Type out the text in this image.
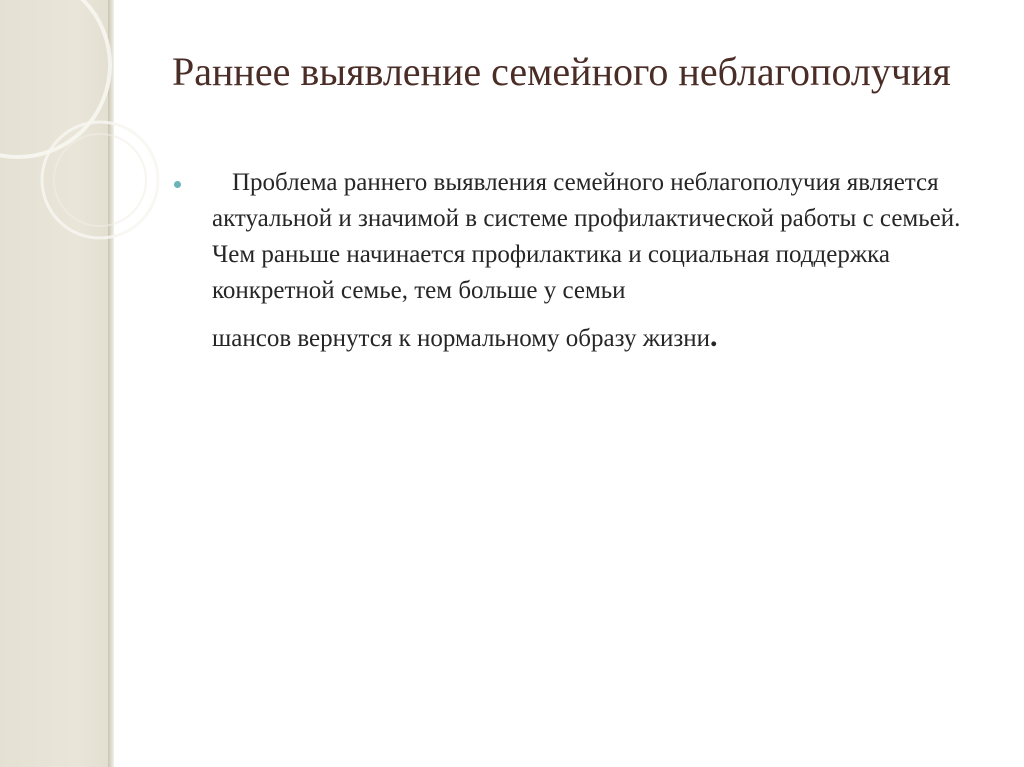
Раннее выявление семейного неблагополучия
Проблема раннего выявления семейного неблагополучия является актуальной и значимой в системе профилактической работы с семьей. Чем раньше начинается профилактика и социальная поддержка конкретной семье, тем больше у семьи
шансов вернутся к нормальному образу жизни.
